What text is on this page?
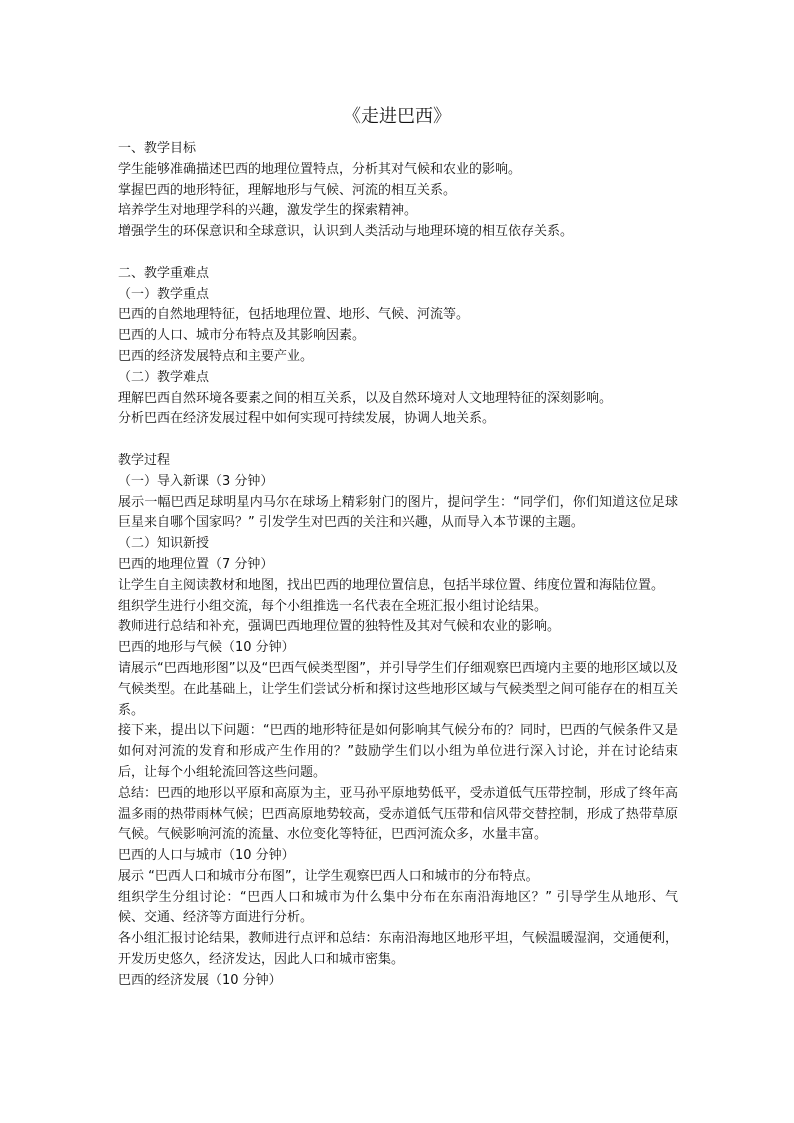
《走进巴西》

一、教学目标

学生能够准确描述巴西的地理位置特点，分析其对气候和农业的影响。

掌握巴西的地形特征，理解地形与气候、河流的相互关系。

培养学生对地理学科的兴趣，激发学生的探索精神。

增强学生的环保意识和全球意识，认识到人类活动与地理环境的相互依存关系。

二、教学重难点

（一）教学重点

巴西的自然地理特征，包括地理位置、地形、气候、河流等。

巴西的人口、城市分布特点及其影响因素。

巴西的经济发展特点和主要产业。

（二）教学难点

理解巴西自然环境各要素之间的相互关系，以及自然环境对人文地理特征的深刻影响。

分析巴西在经济发展过程中如何实现可持续发展，协调人地关系。

教学过程

（一）导入新课（3 分钟）

展示一幅巴西足球明星内马尔在球场上精彩射门的图片，提问学生：“同学们，你们知道这位足球巨星来自哪个国家吗？” 引发学生对巴西的关注和兴趣，从而导入本节课的主题。

（二）知识新授

巴西的地理位置（7 分钟）

让学生自主阅读教材和地图，找出巴西的地理位置信息，包括半球位置、纬度位置和海陆位置。

组织学生进行小组交流，每个小组推选一名代表在全班汇报小组讨论结果。

教师进行总结和补充，强调巴西地理位置的独特性及其对气候和农业的影响。

巴西的地形与气候（10 分钟）

请展示“巴西地形图”以及“巴西气候类型图”，并引导学生们仔细观察巴西境内主要的地形区域以及气候类型。在此基础上，让学生们尝试分析和探讨这些地形区域与气候类型之间可能存在的相互关系。

接下来，提出以下问题：“巴西的地形特征是如何影响其气候分布的？同时，巴西的气候条件又是如何对河流的发育和形成产生作用的？”鼓励学生们以小组为单位进行深入讨论，并在讨论结束后，让每个小组轮流回答这些问题。

总结：巴西的地形以平原和高原为主，亚马孙平原地势低平，受赤道低气压带控制，形成了终年高温多雨的热带雨林气候；巴西高原地势较高，受赤道低气压带和信风带交替控制，形成了热带草原气候。气候影响河流的流量、水位变化等特征，巴西河流众多，水量丰富。

巴西的人口与城市（10 分钟）

展示 “巴西人口和城市分布图”，让学生观察巴西人口和城市的分布特点。

组织学生分组讨论：“巴西人口和城市为什么集中分布在东南沿海地区？” 引导学生从地形、气候、交通、经济等方面进行分析。

各小组汇报讨论结果，教师进行点评和总结：东南沿海地区地形平坦，气候温暖湿润，交通便利，开发历史悠久，经济发达，因此人口和城市密集。

巴西的经济发展（10 分钟）
